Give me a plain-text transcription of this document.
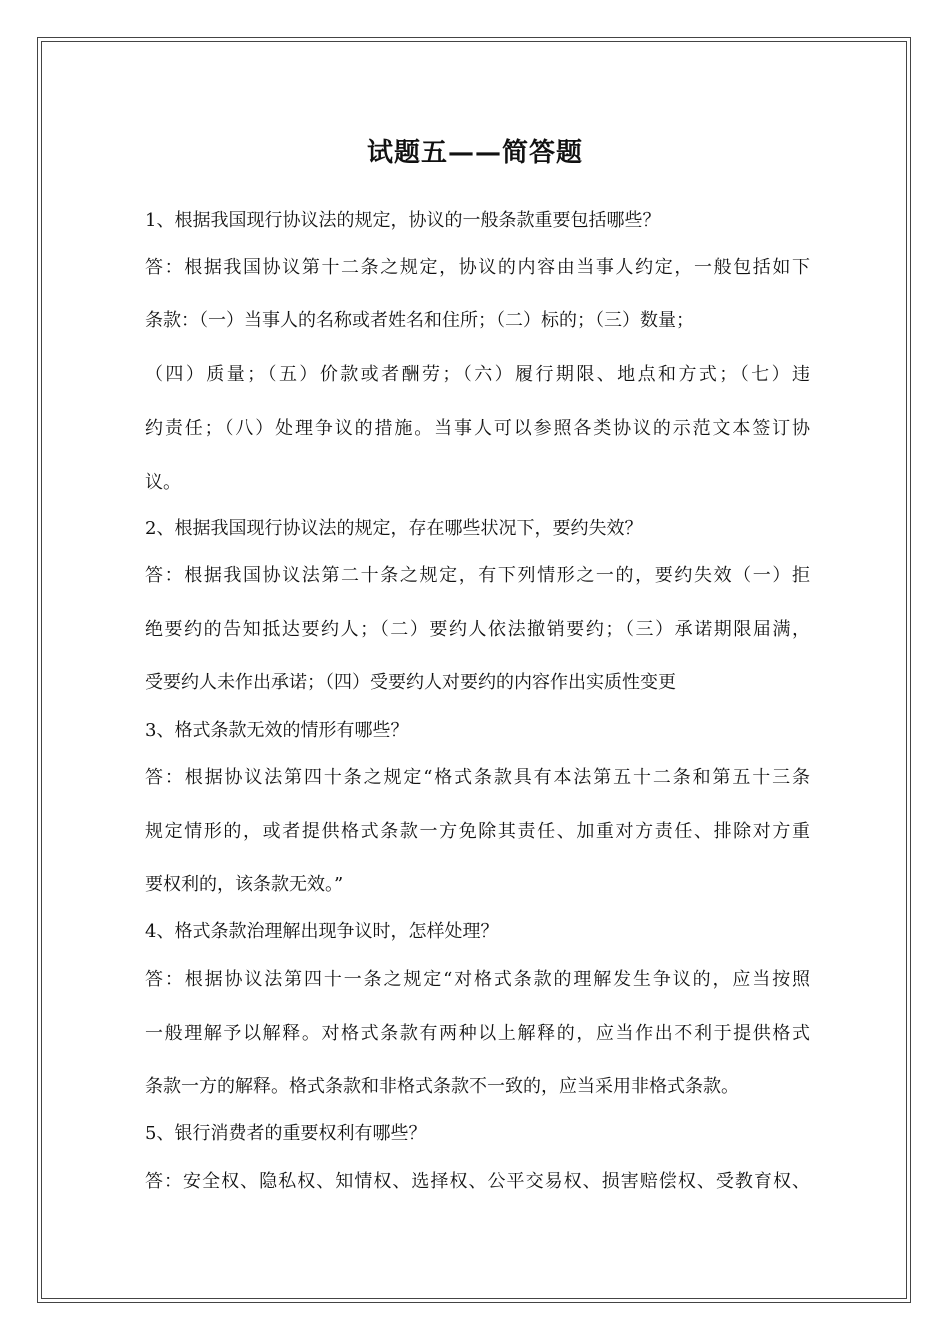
试题五——简答题

1、根据我国现行协议法的规定，协议的一般条款重要包括哪些？

答：根据我国协议第十二条之规定，协议的内容由当事人约定，一般包括如下

条款：（一）当事人的名称或者姓名和住所；（二）标的；（三）数量；

（四）质量；（五）价款或者酬劳；（六）履行期限、地点和方式；（七）违

约责任；（八）处理争议的措施。当事人可以参照各类协议的示范文本签订协

议。

2、根据我国现行协议法的规定，存在哪些状况下，要约失效？

答：根据我国协议法第二十条之规定，有下列情形之一的，要约失效（一）拒

绝要约的告知抵达要约人；（二）要约人依法撤销要约；（三）承诺期限届满，

受要约人未作出承诺；（四）受要约人对要约的内容作出实质性变更

3、格式条款无效的情形有哪些？

答：根据协议法第四十条之规定“格式条款具有本法第五十二条和第五十三条

规定情形的，或者提供格式条款一方免除其责任、加重对方责任、排除对方重

要权利的，该条款无效。”

4、格式条款治理解出现争议时，怎样处理？

答：根据协议法第四十一条之规定“对格式条款的理解发生争议的，应当按照

一般理解予以解释。对格式条款有两种以上解释的，应当作出不利于提供格式

条款一方的解释。格式条款和非格式条款不一致的，应当采用非格式条款。

5、银行消费者的重要权利有哪些？

答：安全权、隐私权、知情权、选择权、公平交易权、损害赔偿权、受教育权、
